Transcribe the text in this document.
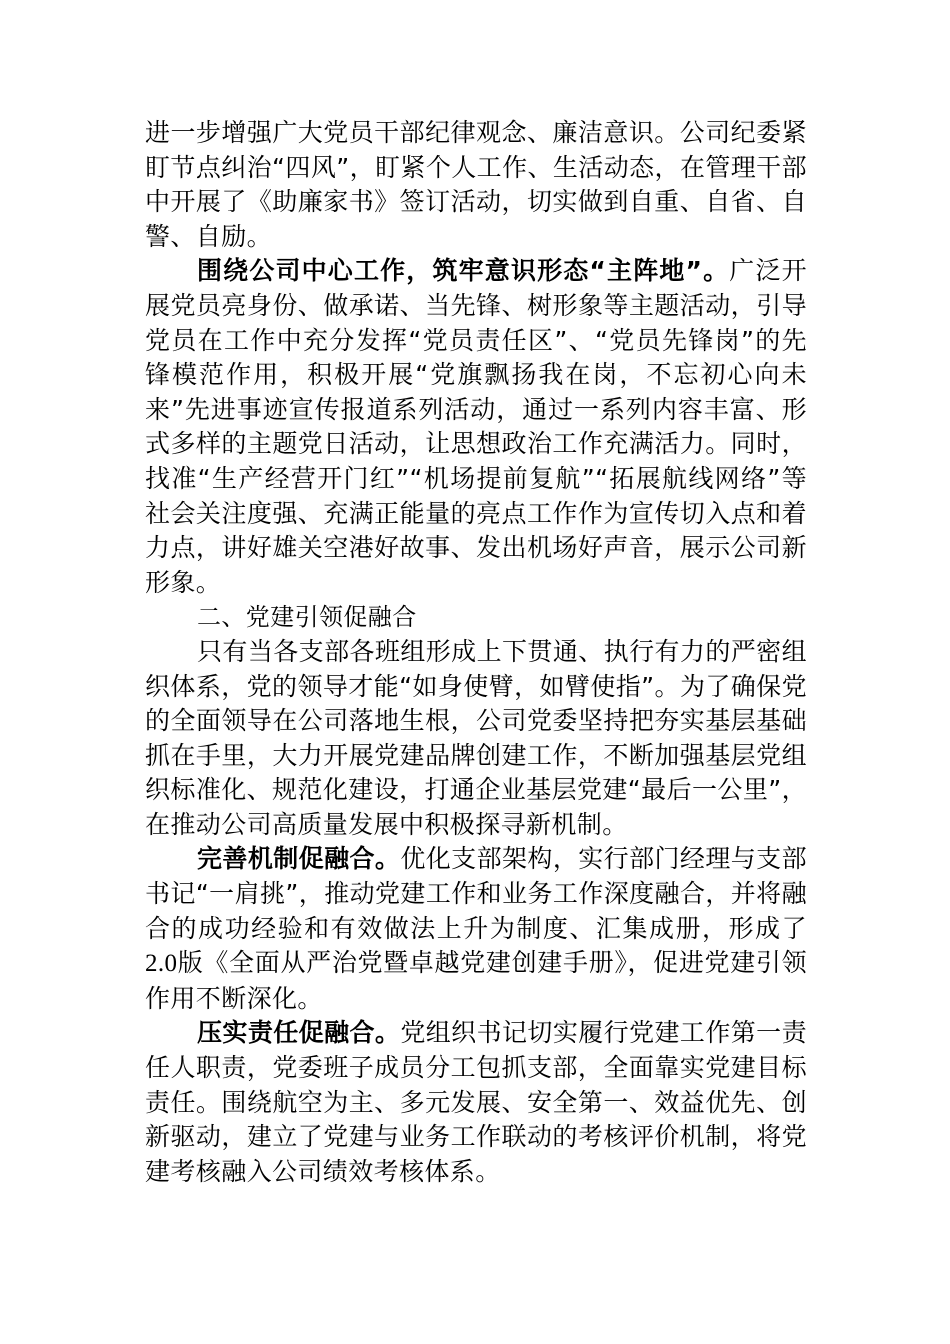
进一步增强广大党员干部纪律观念、廉洁意识。公司纪委紧盯节点纠治“四风”，盯紧个人工作、生活动态，在管理干部中开展了《助廉家书》签订活动，切实做到自重、自省、自警、自励。

围绕公司中心工作，筑牢意识形态“主阵地”。广泛开展党员亮身份、做承诺、当先锋、树形象等主题活动，引导党员在工作中充分发挥“党员责任区”、“党员先锋岗”的先锋模范作用，积极开展“党旗飘扬我在岗，不忘初心向未来”先进事迹宣传报道系列活动，通过一系列内容丰富、形式多样的主题党日活动，让思想政治工作充满活力。同时，找准“生产经营开门红”“机场提前复航”“拓展航线网络”等社会关注度强、充满正能量的亮点工作作为宣传切入点和着力点，讲好雄关空港好故事、发出机场好声音，展示公司新形象。

二、党建引领促融合

只有当各支部各班组形成上下贯通、执行有力的严密组织体系，党的领导才能“如身使臂，如臂使指”。为了确保党的全面领导在公司落地生根，公司党委坚持把夯实基层基础抓在手里，大力开展党建品牌创建工作，不断加强基层党组织标准化、规范化建设，打通企业基层党建“最后一公里”，在推动公司高质量发展中积极探寻新机制。

完善机制促融合。优化支部架构，实行部门经理与支部书记“一肩挑”，推动党建工作和业务工作深度融合，并将融合的成功经验和有效做法上升为制度、汇集成册，形成了2.0版《全面从严治党暨卓越党建创建手册》，促进党建引领作用不断深化。

压实责任促融合。党组织书记切实履行党建工作第一责任人职责，党委班子成员分工包抓支部，全面靠实党建目标责任。围绕航空为主、多元发展、安全第一、效益优先、创新驱动，建立了党建与业务工作联动的考核评价机制，将党建考核融入公司绩效考核体系。
